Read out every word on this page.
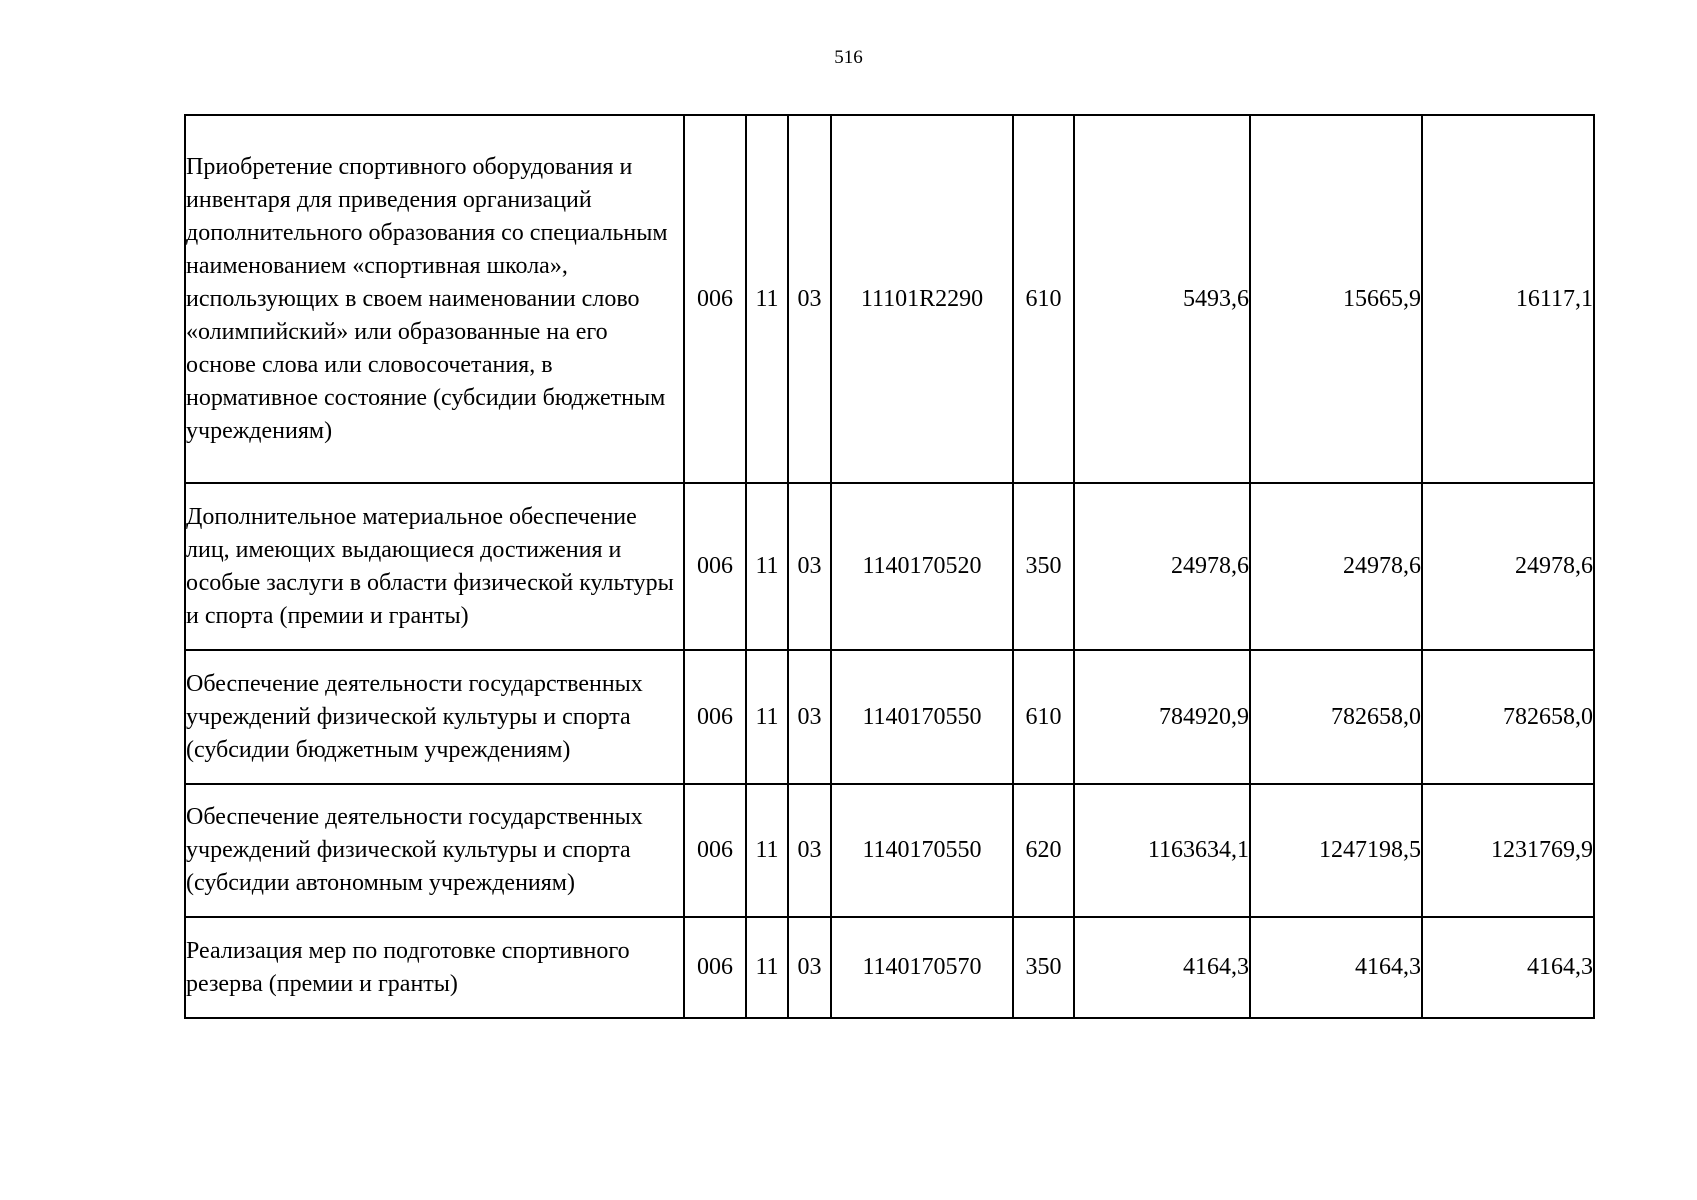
516
Приобретение спортивного оборудования и инвентаря для приведения организаций дополнительного образования со специальным наименованием «спортивная школа», использующих в своем наименовании слово «олимпийский» или образованные на его основе слова или словосочетания, в нормативное состояние (субсидии бюджетным учреждениям)	006	11	03	11101R2290	610	5493,6	15665,9	16117,1
Дополнительное материальное обеспечение лиц, имеющих выдающиеся достижения и особые заслуги в области физической культуры и спорта (премии и гранты)	006	11	03	1140170520	350	24978,6	24978,6	24978,6
Обеспечение деятельности государственных учреждений физической культуры и спорта (субсидии бюджетным учреждениям)	006	11	03	1140170550	610	784920,9	782658,0	782658,0
Обеспечение деятельности государственных учреждений физической культуры и спорта (субсидии автономным учреждениям)	006	11	03	1140170550	620	1163634,1	1247198,5	1231769,9
Реализация мер по подготовке спортивного резерва (премии и гранты)	006	11	03	1140170570	350	4164,3	4164,3	4164,3
